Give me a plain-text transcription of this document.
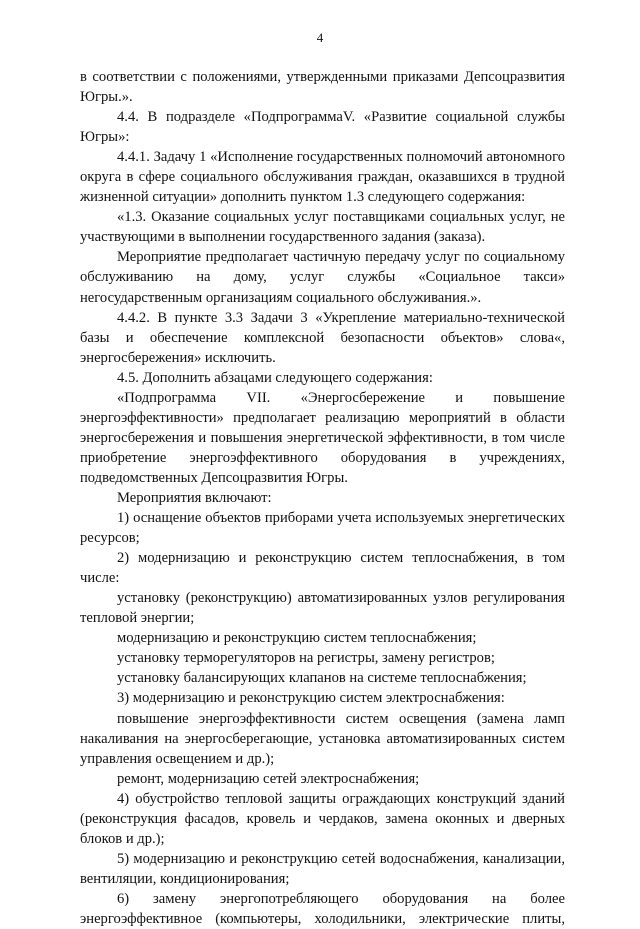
4

в соответствии с положениями, утвержденными приказами Депсоцразвития Югры.».

4.4. В подразделе «ПодпрограммаV. «Развитие социальной службы Югры»:

4.4.1. Задачу 1 «Исполнение государственных полномочий автономного округа в сфере социального обслуживания граждан, оказавшихся в трудной жизненной ситуации» дополнить пунктом 1.3 следующего содержания:

«1.3. Оказание социальных услуг поставщиками социальных услуг, не участвующими в выполнении государственного задания (заказа).

Мероприятие предполагает частичную передачу услуг по социальному обслуживанию на дому, услуг службы «Социальное такси» негосударственным организациям социального обслуживания.».

4.4.2. В пункте 3.3 Задачи 3 «Укрепление материально-технической базы и обеспечение комплексной безопасности объектов» слова«, энергосбережения» исключить.

4.5. Дополнить абзацами следующего содержания:

«Подпрограмма VII. «Энергосбережение и повышение энергоэффективности» предполагает реализацию мероприятий в области энергосбережения и повышения энергетической эффективности, в том числе приобретение энергоэффективного оборудования в учреждениях, подведомственных Депсоцразвития Югры.

Мероприятия включают:

1) оснащение объектов приборами учета используемых энергетических ресурсов;

2) модернизацию и реконструкцию систем теплоснабжения, в том числе:

установку (реконструкцию) автоматизированных узлов регулирования тепловой энергии;

модернизацию и реконструкцию систем теплоснабжения;

установку терморегуляторов на регистры, замену регистров;

установку балансирующих клапанов на системе теплоснабжения;

3) модернизацию и реконструкцию систем электроснабжения:

повышение энергоэффективности систем освещения (замена ламп накаливания на энергосберегающие, установка автоматизированных систем управления освещением и др.);

ремонт, модернизацию сетей электроснабжения;

4) обустройство тепловой защиты ограждающих конструкций зданий (реконструкция фасадов, кровель и чердаков, замена оконных и дверных блоков и др.);

5) модернизацию и реконструкцию сетей водоснабжения, канализации, вентиляции, кондиционирования;

6) замену энергопотребляющего оборудования на более энергоэффективное (компьютеры, холодильники, электрические плиты,
